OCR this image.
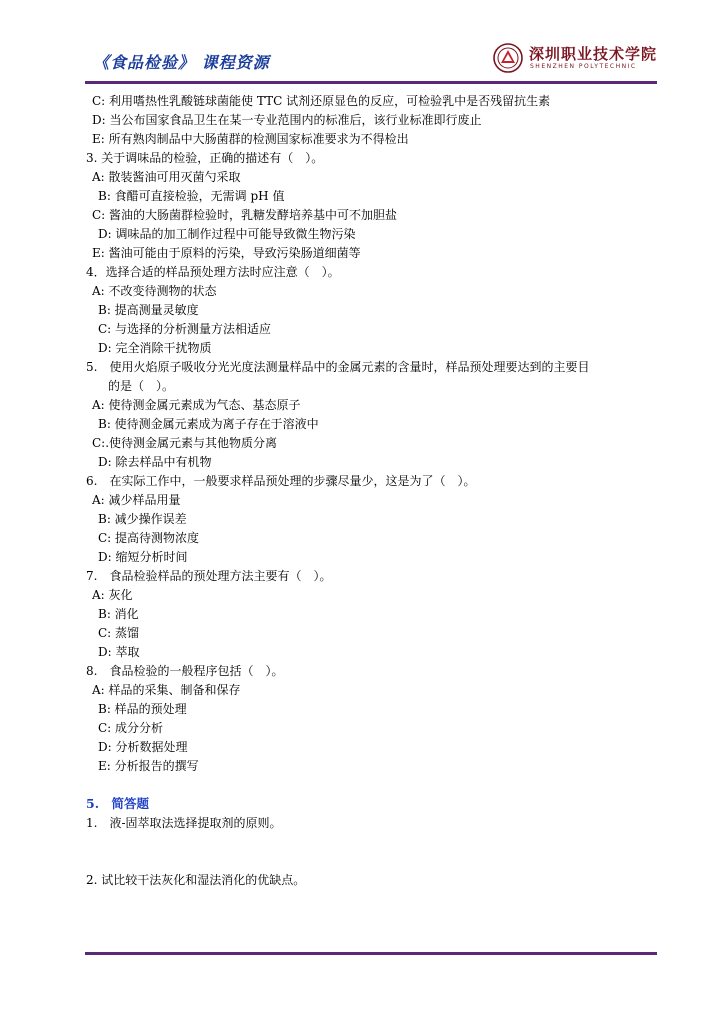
《食品检验》 课程资源	深圳职业技术学院
SHENZHEN POLYTECHNIC
C: 利用嗜热性乳酸链球菌能使 TTC 试剂还原显色的反应，可检验乳中是否残留抗生素
D: 当公布国家食品卫生在某一专业范围内的标准后，该行业标准即行废止
E: 所有熟肉制品中大肠菌群的检测国家标准要求为不得检出
3. 关于调味品的检验，正确的描述有（　）。
A: 散装酱油可用灭菌勺采取
B: 食醋可直接检验，无需调 pH 值
C: 酱油的大肠菌群检验时，乳糖发酵培养基中可不加胆盐
D: 调味品的加工制作过程中可能导致微生物污染
E: 酱油可能由于原料的污染，导致污染肠道细菌等
4．选择合适的样品预处理方法时应注意（　）。
A: 不改变待测物的状态
B: 提高测量灵敏度
C: 与选择的分析测量方法相适应
D: 完全消除干扰物质
5.　使用火焰原子吸收分光光度法测量样品中的金属元素的含量时，样品预处理要达到的主要目
的是（　）。
A: 使待测金属元素成为气态、基态原子
B: 使待测金属元素成为离子存在于溶液中
C:.使待测金属元素与其他物质分离
D: 除去样品中有机物
6.　在实际工作中，一般要求样品预处理的步骤尽量少，这是为了（　）。
A: 减少样品用量
B: 减少操作误差
C: 提高待测物浓度
D: 缩短分析时间
7.　食品检验样品的预处理方法主要有（　）。
A: 灰化
B: 消化
C: 蒸馏
D: 萃取
8.　食品检验的一般程序包括（　）。
A: 样品的采集、制备和保存
B: 样品的预处理
C: 成分分析
D: 分析数据处理
E: 分析报告的撰写
5.　简答题
1.　液-固萃取法选择提取剂的原则。
2. 试比较干法灰化和湿法消化的优缺点。
